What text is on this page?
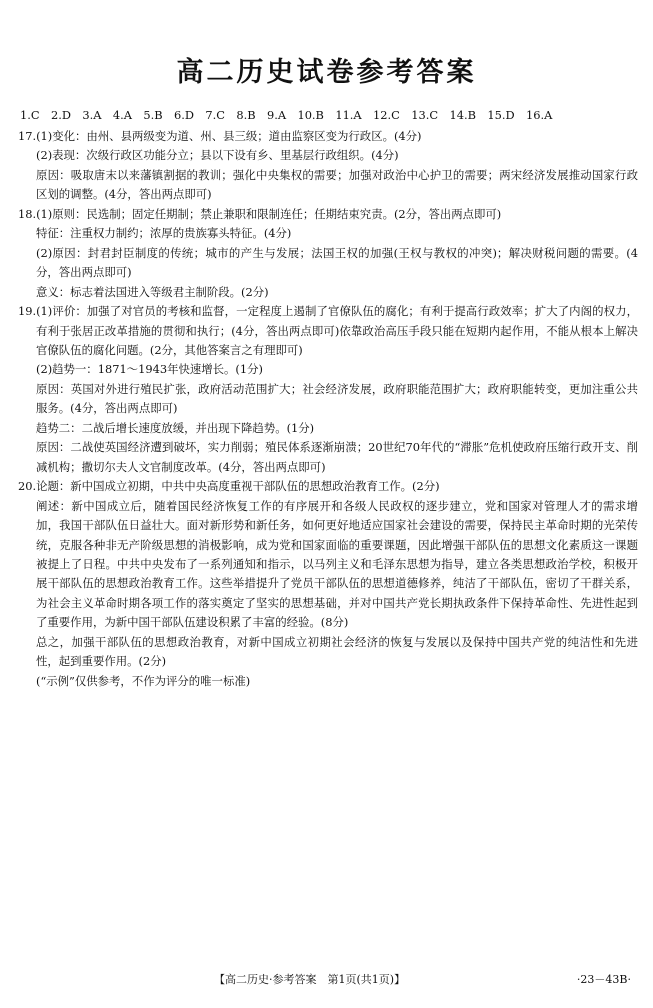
高二历史试卷参考答案
1.C　2.D　3.A　4.A　5.B　6.D　7.C　8.B　9.A　10.B　11.A　12.C　13.C　14.B　15.D　16.A

17.(1)变化：由州、县两级变为道、州、县三级；道由监察区变为行政区。(4分)

(2)表现：次级行政区功能分立；县以下设有乡、里基层行政组织。(4分)

原因：吸取唐末以来藩镇割据的教训；强化中央集权的需要；加强对政治中心护卫的需要；两宋经济发展推动国家行政区划的调整。(4分，答出两点即可)

18.(1)原则：民选制；固定任期制；禁止兼职和限制连任；任期结束究责。(2分，答出两点即可)

特征：注重权力制约；浓厚的贵族寡头特征。(4分)

(2)原因：封君封臣制度的传统；城市的产生与发展；法国王权的加强(王权与教权的冲突)；解决财税问题的需要。(4分，答出两点即可)

意义：标志着法国进入等级君主制阶段。(2分)

19.(1)评价：加强了对官员的考核和监督，一定程度上遏制了官僚队伍的腐化；有利于提高行政效率；扩大了内阁的权力，有利于张居正改革措施的贯彻和执行；(4分，答出两点即可)依靠政治高压手段只能在短期内起作用，不能从根本上解决官僚队伍的腐化问题。(2分，其他答案言之有理即可)

(2)趋势一：1871～1943年快速增长。(1分)

原因：英国对外进行殖民扩张，政府活动范围扩大；社会经济发展，政府职能范围扩大；政府职能转变，更加注重公共服务。(4分，答出两点即可)

趋势二：二战后增长速度放缓，并出现下降趋势。(1分)

原因：二战使英国经济遭到破坏，实力削弱；殖民体系逐渐崩溃；20世纪70年代的“滞胀”危机使政府压缩行政开支、削减机构；撒切尔夫人文官制度改革。(4分，答出两点即可)

20.论题：新中国成立初期，中共中央高度重视干部队伍的思想政治教育工作。(2分)

阐述：新中国成立后，随着国民经济恢复工作的有序展开和各级人民政权的逐步建立，党和国家对管理人才的需求增加，我国干部队伍日益壮大。面对新形势和新任务，如何更好地适应国家社会建设的需要，保持民主革命时期的光荣传统，克服各种非无产阶级思想的消极影响，成为党和国家面临的重要课题，因此增强干部队伍的思想文化素质这一课题被提上了日程。中共中央发布了一系列通知和指示，以马列主义和毛泽东思想为指导，建立各类思想政治学校，积极开展干部队伍的思想政治教育工作。这些举措提升了党员干部队伍的思想道德修养，纯洁了干部队伍，密切了干群关系，为社会主义革命时期各项工作的落实奠定了坚实的思想基础，并对中国共产党长期执政条件下保持革命性、先进性起到了重要作用，为新中国干部队伍建设积累了丰富的经验。(8分)

总之，加强干部队伍的思想政治教育，对新中国成立初期社会经济的恢复与发展以及保持中国共产党的纯洁性和先进性，起到重要作用。(2分)

(“示例”仅供参考，不作为评分的唯一标准)

【高二历史·参考答案　第1页(共1页)】	·23－43B·
